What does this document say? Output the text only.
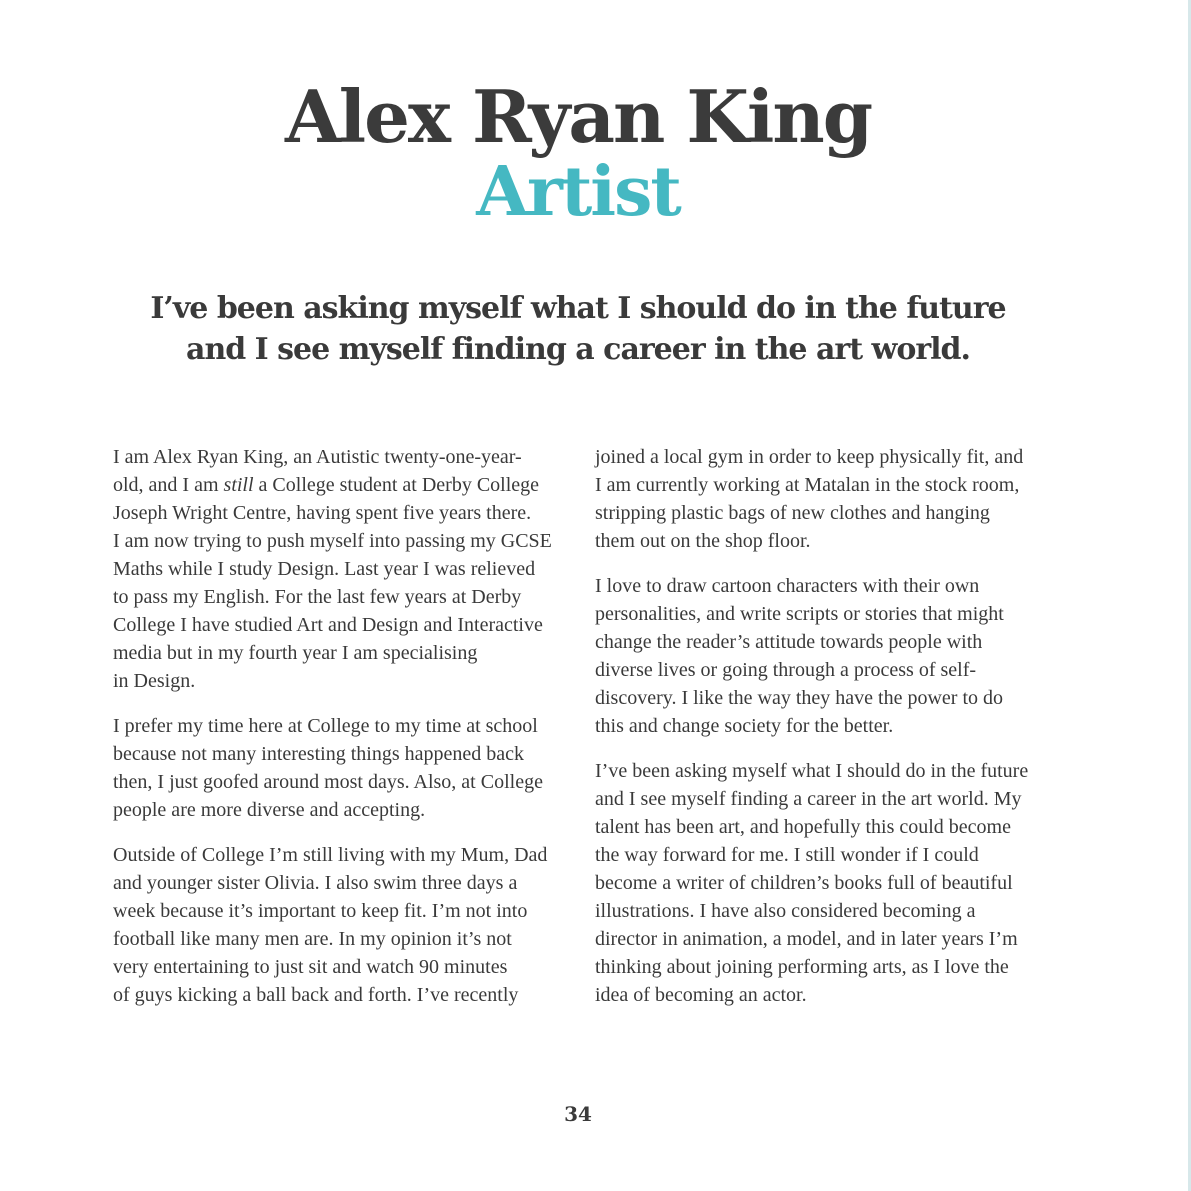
Alex Ryan King
Artist
I’ve been asking myself what I should do in the future
and I see myself finding a career in the art world.

I am Alex Ryan King, an Autistic twenty-one-year-
old, and I am still a College student at Derby College
Joseph Wright Centre, having spent five years there.
I am now trying to push myself into passing my GCSE
Maths while I study Design. Last year I was relieved
to pass my English. For the last few years at Derby
College I have studied Art and Design and Interactive
media but in my fourth year I am specialising
in Design.

I prefer my time here at College to my time at school
because not many interesting things happened back
then, I just goofed around most days. Also, at College
people are more diverse and accepting.

Outside of College I’m still living with my Mum, Dad
and younger sister Olivia. I also swim three days a
week because it’s important to keep fit. I’m not into
football like many men are. In my opinion it’s not
very entertaining to just sit and watch 90 minutes
of guys kicking a ball back and forth. I’ve recently

joined a local gym in order to keep physically fit, and
I am currently working at Matalan in the stock room,
stripping plastic bags of new clothes and hanging
them out on the shop floor.

I love to draw cartoon characters with their own
personalities, and write scripts or stories that might
change the reader’s attitude towards people with
diverse lives or going through a process of self-
discovery. I like the way they have the power to do
this and change society for the better.

I’ve been asking myself what I should do in the future
and I see myself finding a career in the art world. My
talent has been art, and hopefully this could become
the way forward for me. I still wonder if I could
become a writer of children’s books full of beautiful
illustrations. I have also considered becoming a
director in animation, a model, and in later years I’m
thinking about joining performing arts, as I love the
idea of becoming an actor.

34
